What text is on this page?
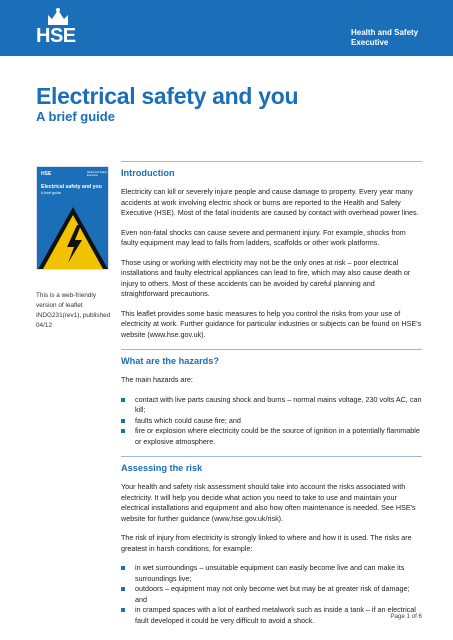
HSE	Health and Safety Executive
Electrical safety and you
A brief guide
HSE	Health and Safety Executive
Electrical safety and you
A brief guide
This is a web-friendly version of leaflet INDG231(rev1), published 04/12
Introduction

Electricity can kill or severely injure people and cause damage to property. Every year many accidents at work involving electric shock or burns are reported to the Health and Safety Executive (HSE). Most of the fatal incidents are caused by contact with overhead power lines.

Even non-fatal shocks can cause severe and permanent injury. For example, shocks from faulty equipment may lead to falls from ladders, scaffolds or other work platforms.

Those using or working with electricity may not be the only ones at risk – poor electrical installations and faulty electrical appliances can lead to fire, which may also cause death or injury to others. Most of these accidents can be avoided by careful planning and straightforward precautions.

This leaflet provides some basic measures to help you control the risks from your use of electricity at work. Further guidance for particular industries or subjects can be found on HSE's website (www.hse.gov.uk).

What are the hazards?

The main hazards are:

contact with live parts causing shock and burns – normal mains voltage, 230 volts AC, can kill;
faults which could cause fire; and
fire or explosion where electricity could be the source of ignition in a potentially flammable or explosive atmosphere.
Assessing the risk

Your health and safety risk assessment should take into account the risks associated with electricity. It will help you decide what action you need to take to use and maintain your electrical installations and equipment and also how often maintenance is needed. See HSE's website for further guidance (www.hse.gov.uk/risk).

The risk of injury from electricity is strongly linked to where and how it is used. The risks are greatest in harsh conditions, for example:

in wet surroundings – unsuitable equipment can easily become live and can make its surroundings live;
outdoors – equipment may not only become wet but may be at greater risk of damage; and
in cramped spaces with a lot of earthed metalwork such as inside a tank – if an electrical fault developed it could be very difficult to avoid a shock.	Page 1 of 6
